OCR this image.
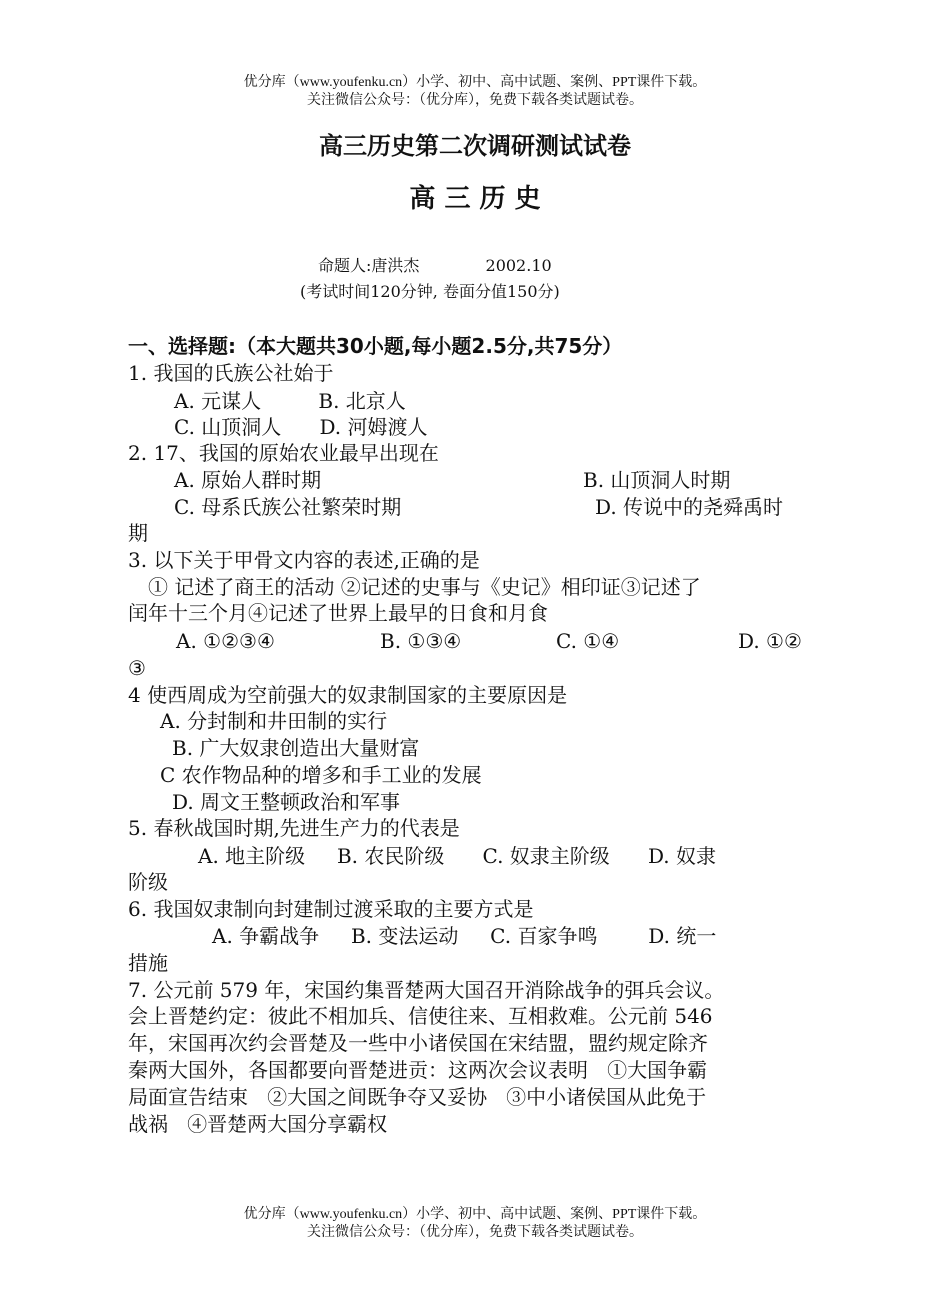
优分库（www.youfenku.cn）小学、初中、高中试题、案例、PPT课件下载。
关注微信公众号：（优分库），免费下载各类试题试卷。
高三历史第二次调研测试试卷
高 三 历 史
命题人:唐洪杰             2002.10
(考试时间120分钟, 卷面分值150分)
一、选择题:（本大题共30小题,每小题2.5分,共75分）
1. 我国的氏族公社始于
A. 元谋人         B. 北京人
C. 山顶洞人      D. 河姆渡人
2. 17、我国的原始农业最早出现在
A. 原始人群时期	B. 山顶洞人时期
C. 母系氏族公社繁荣时期	D. 传说中的尧舜禹时
期
3. 以下关于甲骨文内容的表述,正确的是
① 记述了商王的活动 ②记述的史事与《史记》相印证③记述了
闰年十三个月④记述了世界上最早的日食和月食
A. ①②③④	B. ①③④	C. ①④	D. ①②
③
4 使西周成为空前强大的奴隶制国家的主要原因是
A. 分封制和井田制的实行
B. 广大奴隶创造出大量财富
C 农作物品种的增多和手工业的发展
D. 周文王整顿政治和军事
5. 春秋战国时期,先进生产力的代表是
A. 地主阶级     B. 农民阶级      C. 奴隶主阶级      D. 奴隶
阶级
6. 我国奴隶制向封建制过渡采取的主要方式是
A. 争霸战争     B. 变法运动     C. 百家争鸣        D. 统一
措施
7. 公元前 579 年，宋国约集晋楚两大国召开消除战争的弭兵会议。
会上晋楚约定：彼此不相加兵、信使往来、互相救难。公元前 546
年，宋国再次约会晋楚及一些中小诸侯国在宋结盟，盟约规定除齐
秦两大国外，各国都要向晋楚进贡：这两次会议表明   ①大国争霸
局面宣告结束   ②大国之间既争夺又妥协   ③中小诸侯国从此免于
战祸   ④晋楚两大国分享霸权
优分库（www.youfenku.cn）小学、初中、高中试题、案例、PPT课件下载。
关注微信公众号：（优分库），免费下载各类试题试卷。
